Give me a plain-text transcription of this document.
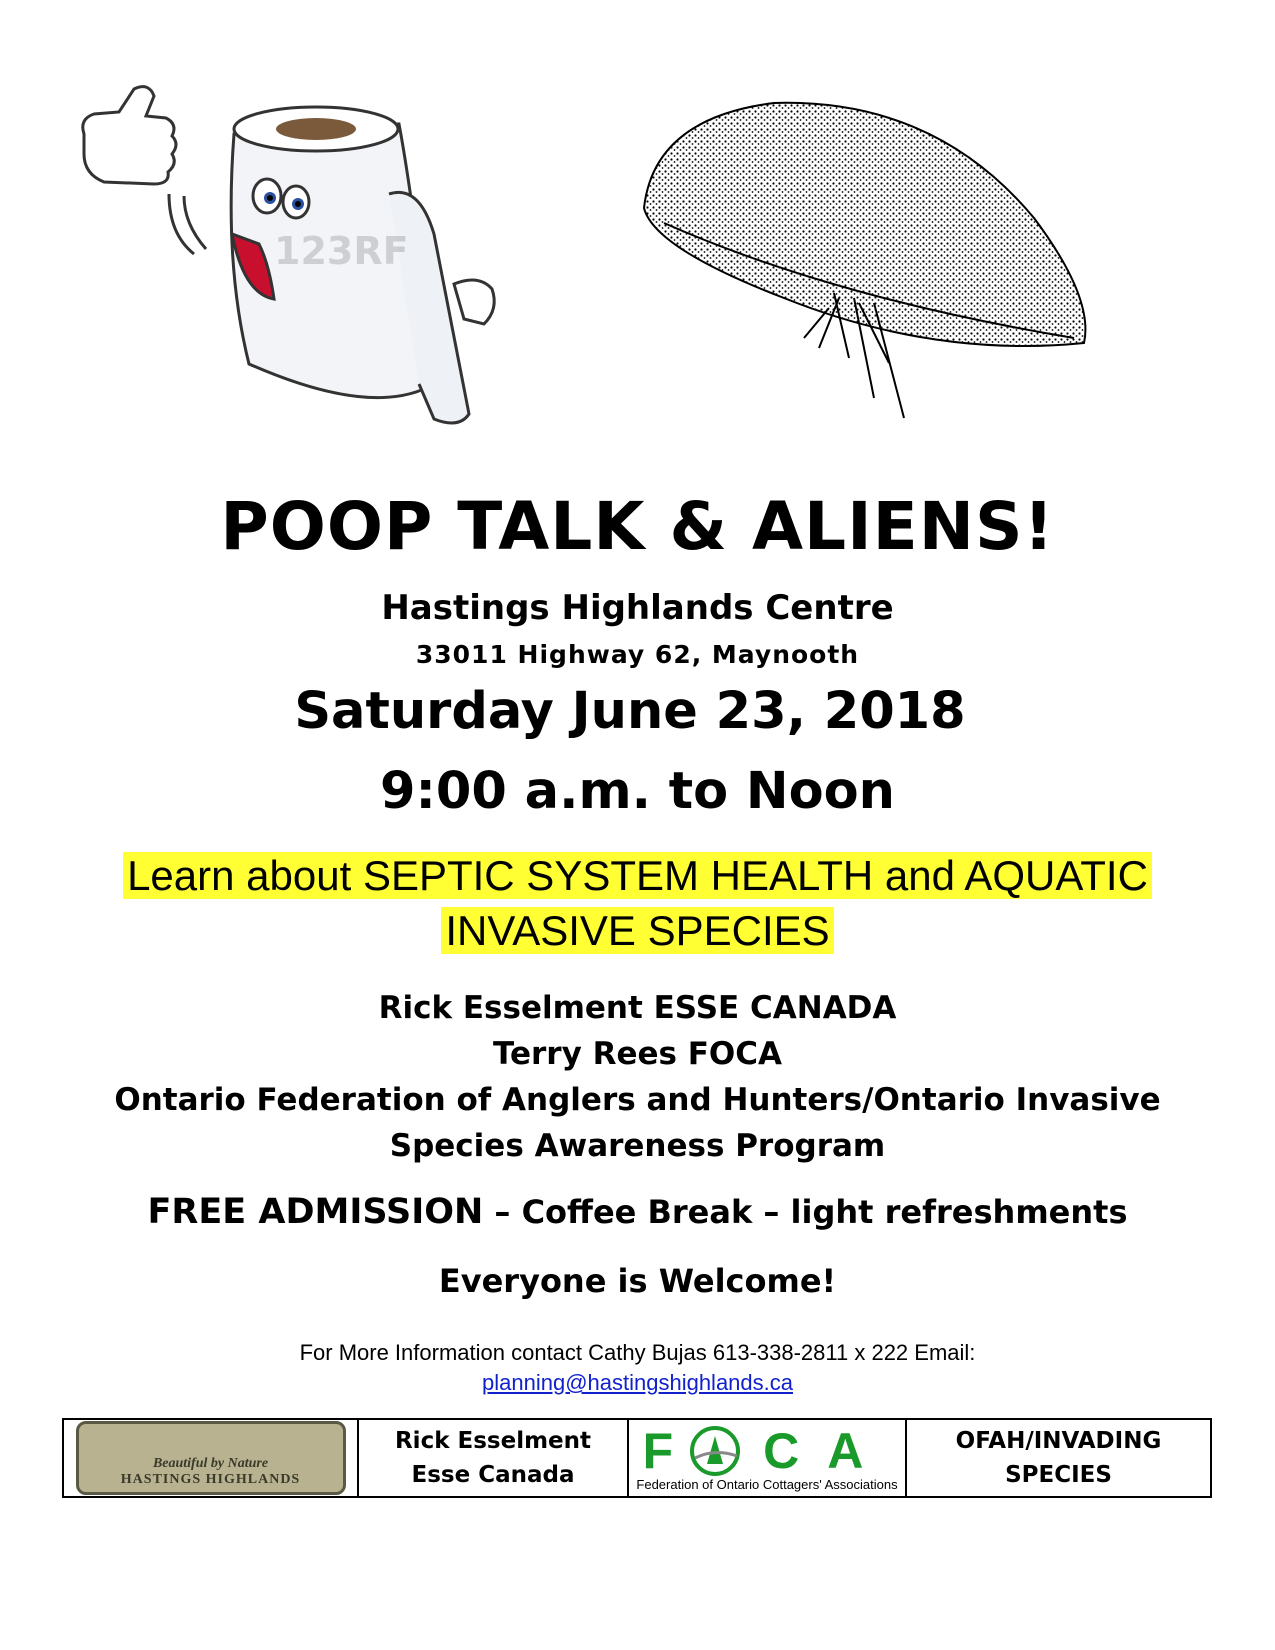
123RF
POOP TALK & ALIENS!
Hastings Highlands Centre
33011 Highway 62, Maynooth
Saturday June 23, 2018
9:00 a.m. to Noon
Learn about SEPTIC SYSTEM HEALTH and AQUATIC
INVASIVE SPECIES
Rick Esselment ESSE CANADA
Terry Rees FOCA
Ontario Federation of Anglers and Hunters/Ontario Invasive
Species Awareness Program
FREE ADMISSION – Coffee Break – light refreshments
Everyone is Welcome!
For More Information contact Cathy Bujas 613-338-2811 x 222 Email:
planning@hastingshighlands.ca
Beautiful by Nature
HASTINGS HIGHLANDS
Rick Esselment
Esse Canada	F CA
Federation of Ontario Cottagers' Associations
OFAH/INVADING
SPECIES
